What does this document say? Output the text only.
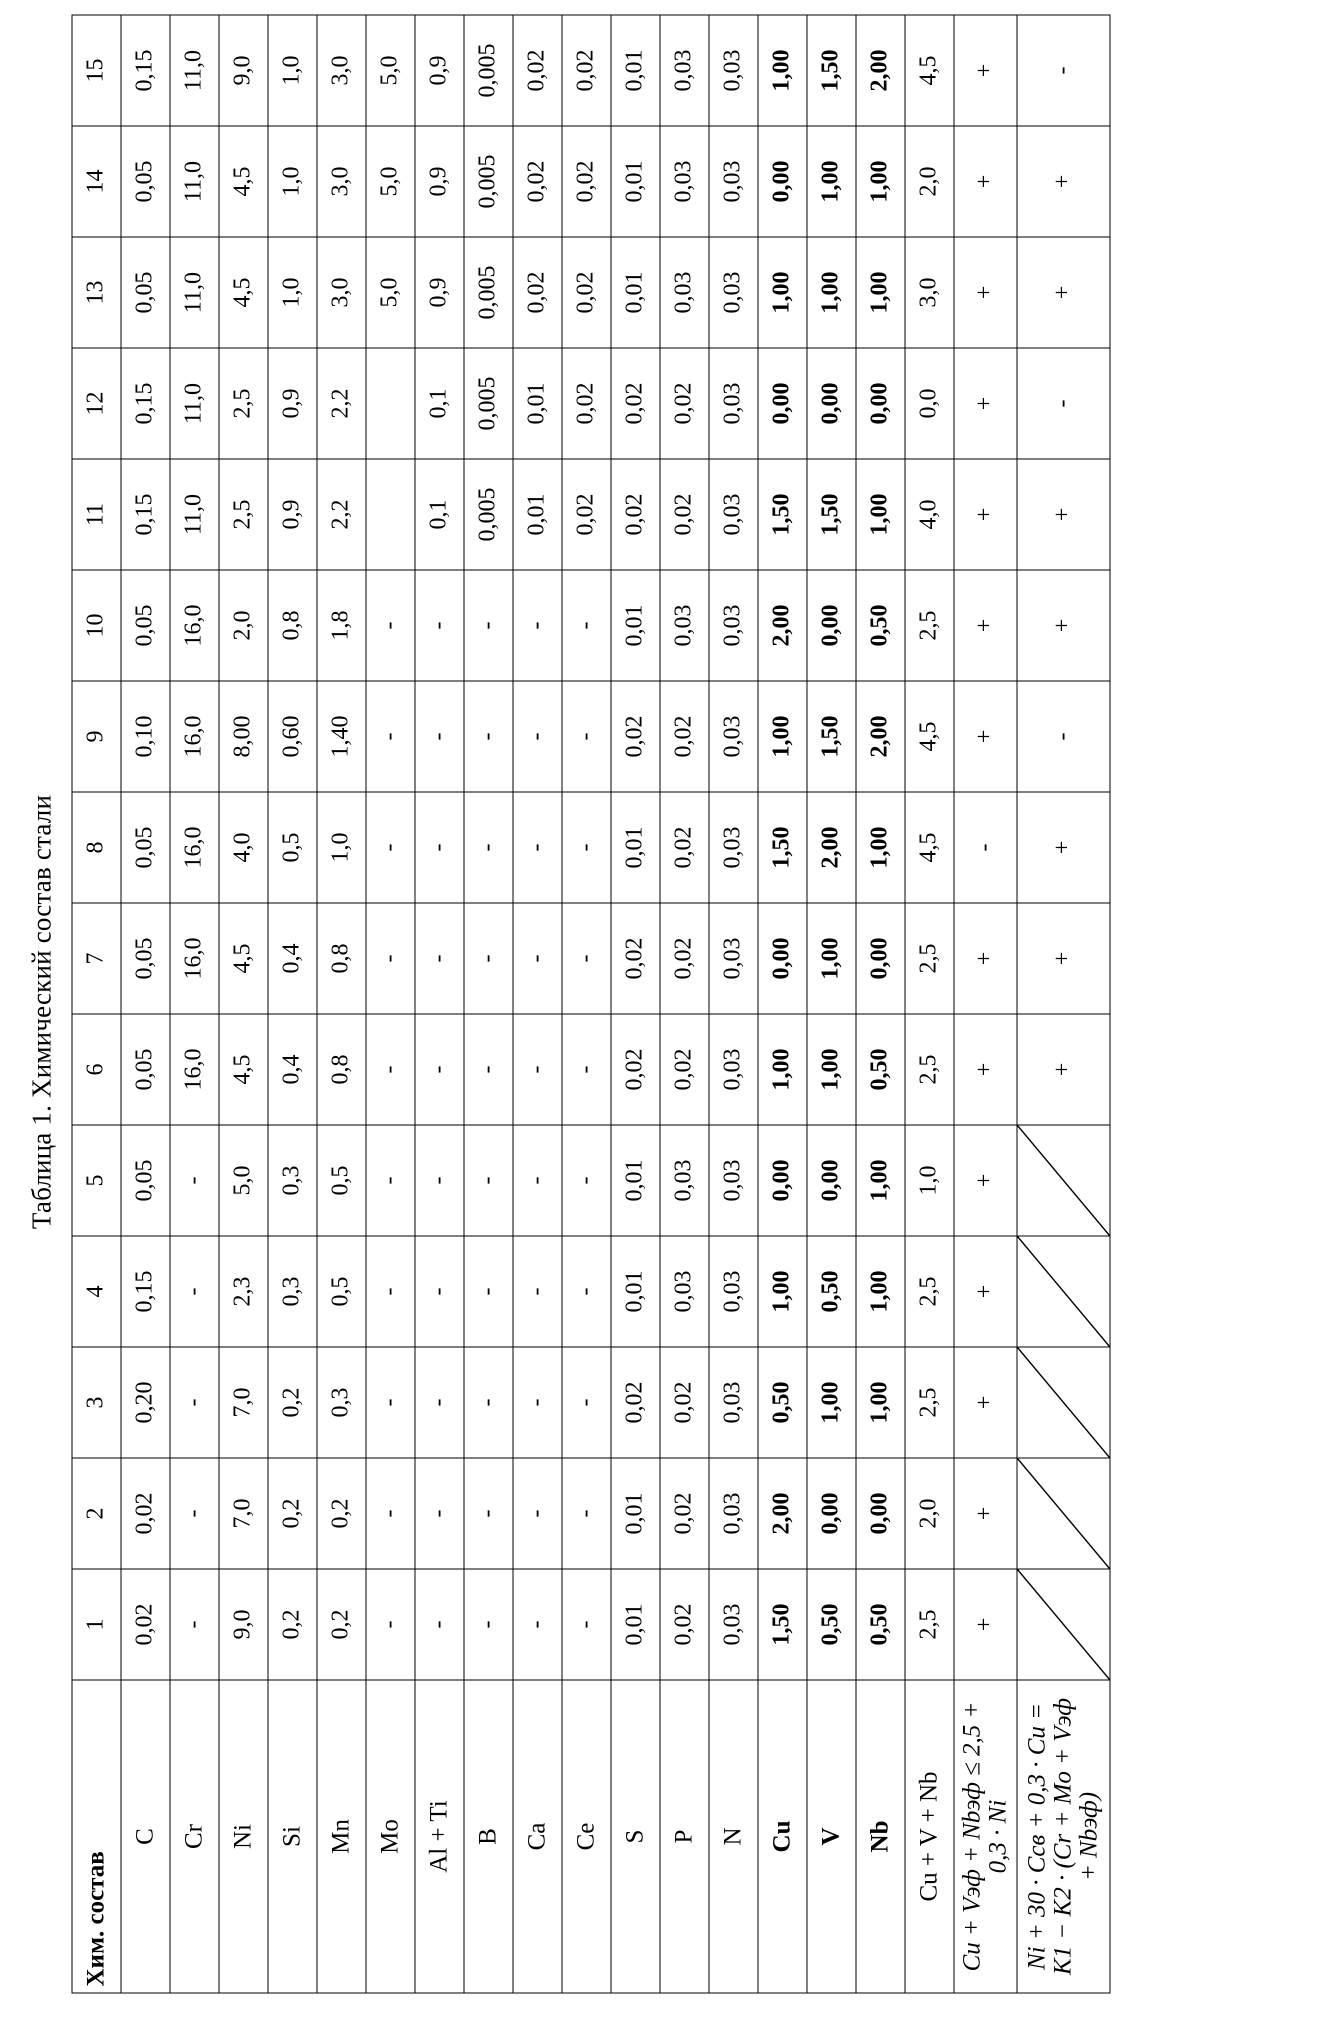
Таблица 1. Химический состав стали
Хим. состав	1	2	3	4	5	6	7	8	9	10	11	12	13	14	15
C	0,02	0,02	0,20	0,15	0,05	0,05	0,05	0,05	0,10	0,05	0,15	0,15	0,05	0,05	0,15
Cr	-	-	-	-	-	16,0	16,0	16,0	16,0	16,0	11,0	11,0	11,0	11,0	11,0
Ni	9,0	7,0	7,0	2,3	5,0	4,5	4,5	4,0	8,00	2,0	2,5	2,5	4,5	4,5	9,0
Si	0,2	0,2	0,2	0,3	0,3	0,4	0,4	0,5	0,60	0,8	0,9	0,9	1,0	1,0	1,0
Mn	0,2	0,2	0,3	0,5	0,5	0,8	0,8	1,0	1,40	1,8	2,2	2,2	3,0	3,0	3,0
Mo	-	-	-	-	-	-	-	-	-	-			5,0	5,0	5,0
Al + Ti	-	-	-	-	-	-	-	-	-	-	0,1	0,1	0,9	0,9	0,9
B	-	-	-	-	-	-	-	-	-	-	0,005	0,005	0,005	0,005	0,005
Ca	-	-	-	-	-	-	-	-	-	-	0,01	0,01	0,02	0,02	0,02
Ce	-	-	-	-	-	-	-	-	-	-	0,02	0,02	0,02	0,02	0,02
S	0,01	0,01	0,02	0,01	0,01	0,02	0,02	0,01	0,02	0,01	0,02	0,02	0,01	0,01	0,01
P	0,02	0,02	0,02	0,03	0,03	0,02	0,02	0,02	0,02	0,03	0,02	0,02	0,03	0,03	0,03
N	0,03	0,03	0,03	0,03	0,03	0,03	0,03	0,03	0,03	0,03	0,03	0,03	0,03	0,03	0,03
Cu	1,50	2,00	0,50	1,00	0,00	1,00	0,00	1,50	1,00	2,00	1,50	0,00	1,00	0,00	1,00
V	0,50	0,00	1,00	0,50	0,00	1,00	1,00	2,00	1,50	0,00	1,50	0,00	1,00	1,00	1,50
Nb	0,50	0,00	1,00	1,00	1,00	0,50	0,00	1,00	2,00	0,50	1,00	0,00	1,00	1,00	2,00
Cu + V + Nb	2,5	2,0	2,5	2,5	1,0	2,5	2,5	4,5	4,5	2,5	4,0	0,0	3,0	2,0	4,5
Cu + Vэф + Nbэф ≤ 2,5 + 0,3 · Ni	+	+	+	+	+	+	+	-	+	+	+	+	+	+	+
Ni + 30 · Cсв + 0,3 · Cu = K1 − K2 · (Cr + Mo + Vэф + Nbэф)						+	+	+	-	+	+	-	+	+	-
